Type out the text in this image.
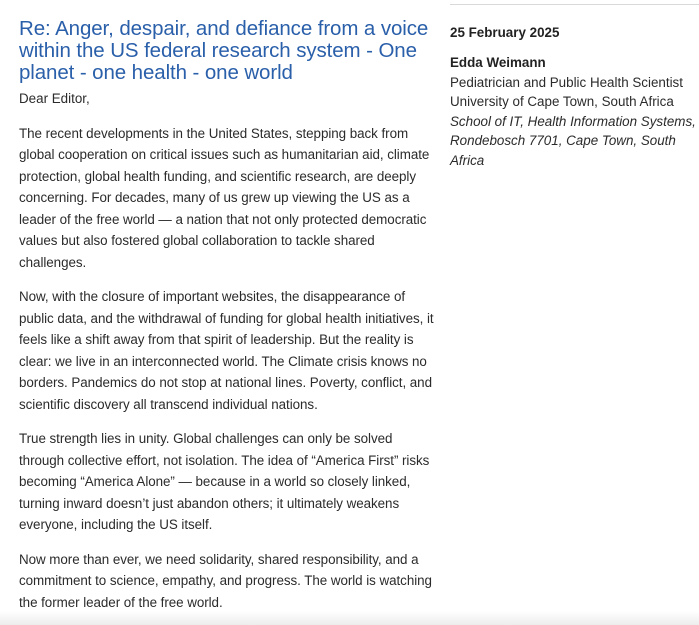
Re: Anger, despair, and defiance from a voice within the US federal research system - One planet - one health - one world

Dear Editor,

The recent developments in the United States, stepping back from global cooperation on critical issues such as humanitarian aid, climate protection, global health funding, and scientific research, are deeply concerning. For decades, many of us grew up viewing the US as a leader of the free world — a nation that not only protected democratic values but also fostered global collaboration to tackle shared challenges.

Now, with the closure of important websites, the disappearance of public data, and the withdrawal of funding for global health initiatives, it feels like a shift away from that spirit of leadership. But the reality is clear: we live in an interconnected world. The Climate crisis knows no borders. Pandemics do not stop at national lines. Poverty, conflict, and scientific discovery all transcend individual nations.

True strength lies in unity. Global challenges can only be solved through collective effort, not isolation. The idea of “America First” risks becoming “America Alone” — because in a world so closely linked, turning inward doesn’t just abandon others; it ultimately weakens everyone, including the US itself.

Now more than ever, we need solidarity, shared responsibility, and a commitment to science, empathy, and progress. The world is watching the former leader of the free world.

25 February 2025

Edda Weimann

Pediatrician and Public Health Scientist

University of Cape Town, South Africa

School of IT, Health Information Systems, Rondebosch 7701, Cape Town, South Africa
